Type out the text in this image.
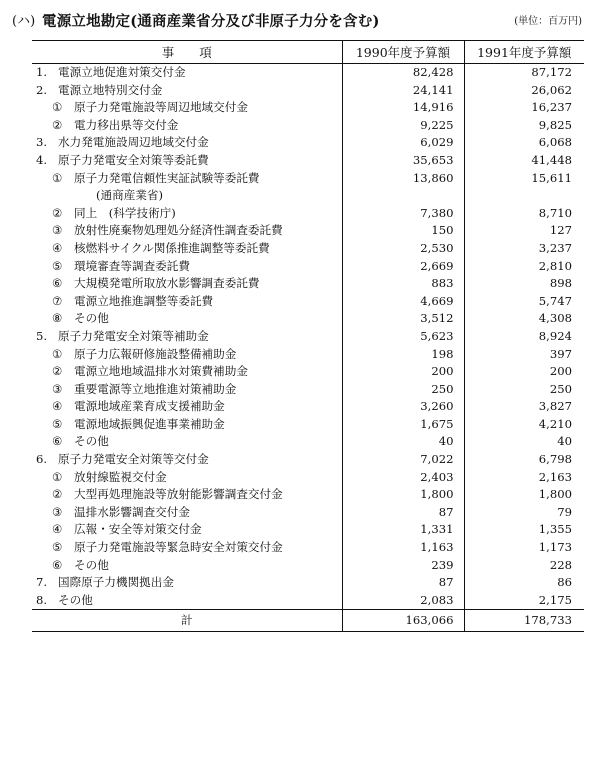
(ハ) 電源立地勘定(通商産業省分及び非原子力分を含む)	(単位：百万円)
事　　項	1990年度予算額	1991年度予算額
1. 電源立地促進対策交付金	82,428	87,172
2. 電源立地特別交付金	24,141	26,062
① 原子力発電施設等周辺地域交付金	14,916	16,237
② 電力移出県等交付金	9,225	9,825
3. 水力発電施設周辺地域交付金	6,029	6,068
4. 原子力発電安全対策等委託費	35,653	41,448
① 原子力発電信頼性実証試験等委託費	13,860	15,611
(通商産業省)		
② 同上　(科学技術庁)	7,380	8,710
③ 放射性廃棄物処理処分経済性調査委託費	150	127
④ 核燃料サイクル関係推進調整等委託費	2,530	3,237
⑤ 環境審査等調査委託費	2,669	2,810
⑥ 大規模発電所取放水影響調査委託費	883	898
⑦ 電源立地推進調整等委託費	4,669	5,747
⑧ その他	3,512	4,308
5. 原子力発電安全対策等補助金	5,623	8,924
① 原子力広報研修施設整備補助金	198	397
② 電源立地地域温排水対策費補助金	200	200
③ 重要電源等立地推進対策補助金	250	250
④ 電源地域産業育成支援補助金	3,260	3,827
⑤ 電源地域振興促進事業補助金	1,675	4,210
⑥ その他	40	40
6. 原子力発電安全対策等交付金	7,022	6,798
① 放射線監視交付金	2,403	2,163
② 大型再処理施設等放射能影響調査交付金	1,800	1,800
③ 温排水影響調査交付金	87	79
④ 広報・安全等対策交付金	1,331	1,355
⑤ 原子力発電施設等緊急時安全対策交付金	1,163	1,173
⑥ その他	239	228
7. 国際原子力機関拠出金	87	86
8. その他	2,083	2,175
計	163,066	178,733
